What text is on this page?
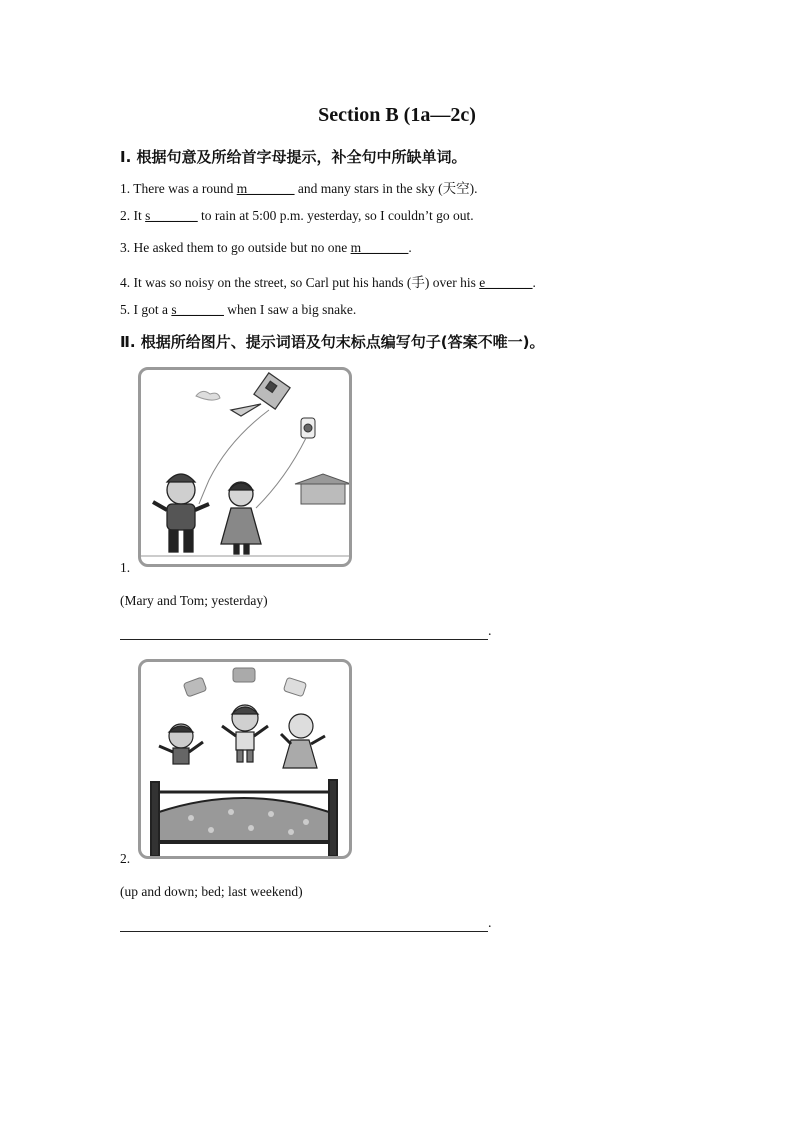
Section B (1a—2c)
Ⅰ. 根据句意及所给首字母提示，补全句中所缺单词。
1. There was a round m_______ and many stars in the sky (天空).
2. It s_______ to rain at 5:00 p.m. yesterday, so I couldn’t go out.
3. He asked them to go outside but no one m_______.
4. It was so noisy on the street, so Carl put his hands (手) over his e_______.
5. I got a s_______ when I saw a big snake.
Ⅱ. 根据所给图片、提示词语及句末标点编写句子(答案不唯一)。
1.
(Mary and Tom; yesterday)
.
2.
(up and down; bed; last weekend)
.
